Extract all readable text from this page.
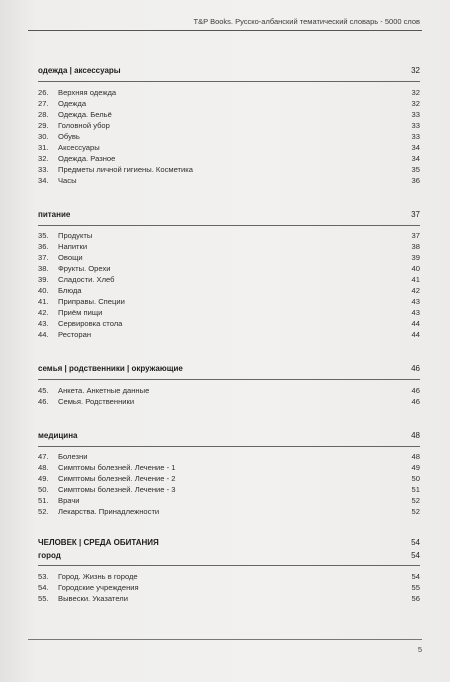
T&P Books. Русско-албанский тематический словарь - 5000 слов
одежда | аксессуары	32
26.	Верхняя одежда	32
27.	Одежда	32
28.	Одежда. Бельё	33
29.	Головной убор	33
30.	Обувь	33
31.	Аксессуары	34
32.	Одежда. Разное	34
33.	Предметы личной гигиены. Косметика	35
34.	Часы	36
питание	37
35.	Продукты	37
36.	Напитки	38
37.	Овощи	39
38.	Фрукты. Орехи	40
39.	Сладости. Хлеб	41
40.	Блюда	42
41.	Приправы. Специи	43
42.	Приём пищи	43
43.	Сервировка стола	44
44.	Ресторан	44
семья | родственники | окружающие	46
45.	Анкета. Анкетные данные	46
46.	Семья. Родственники	46
медицина	48
47.	Болезни	48
48.	Симптомы болезней. Лечение - 1	49
49.	Симптомы болезней. Лечение - 2	50
50.	Симптомы болезней. Лечение - 3	51
51.	Врачи	52
52.	Лекарства. Принадлежности	52
ЧЕЛОВЕК | СРЕДА ОБИТАНИЯ	54
город	54
53.	Город. Жизнь в городе	54
54.	Городские учреждения	55
55.	Вывески. Указатели	56
5
